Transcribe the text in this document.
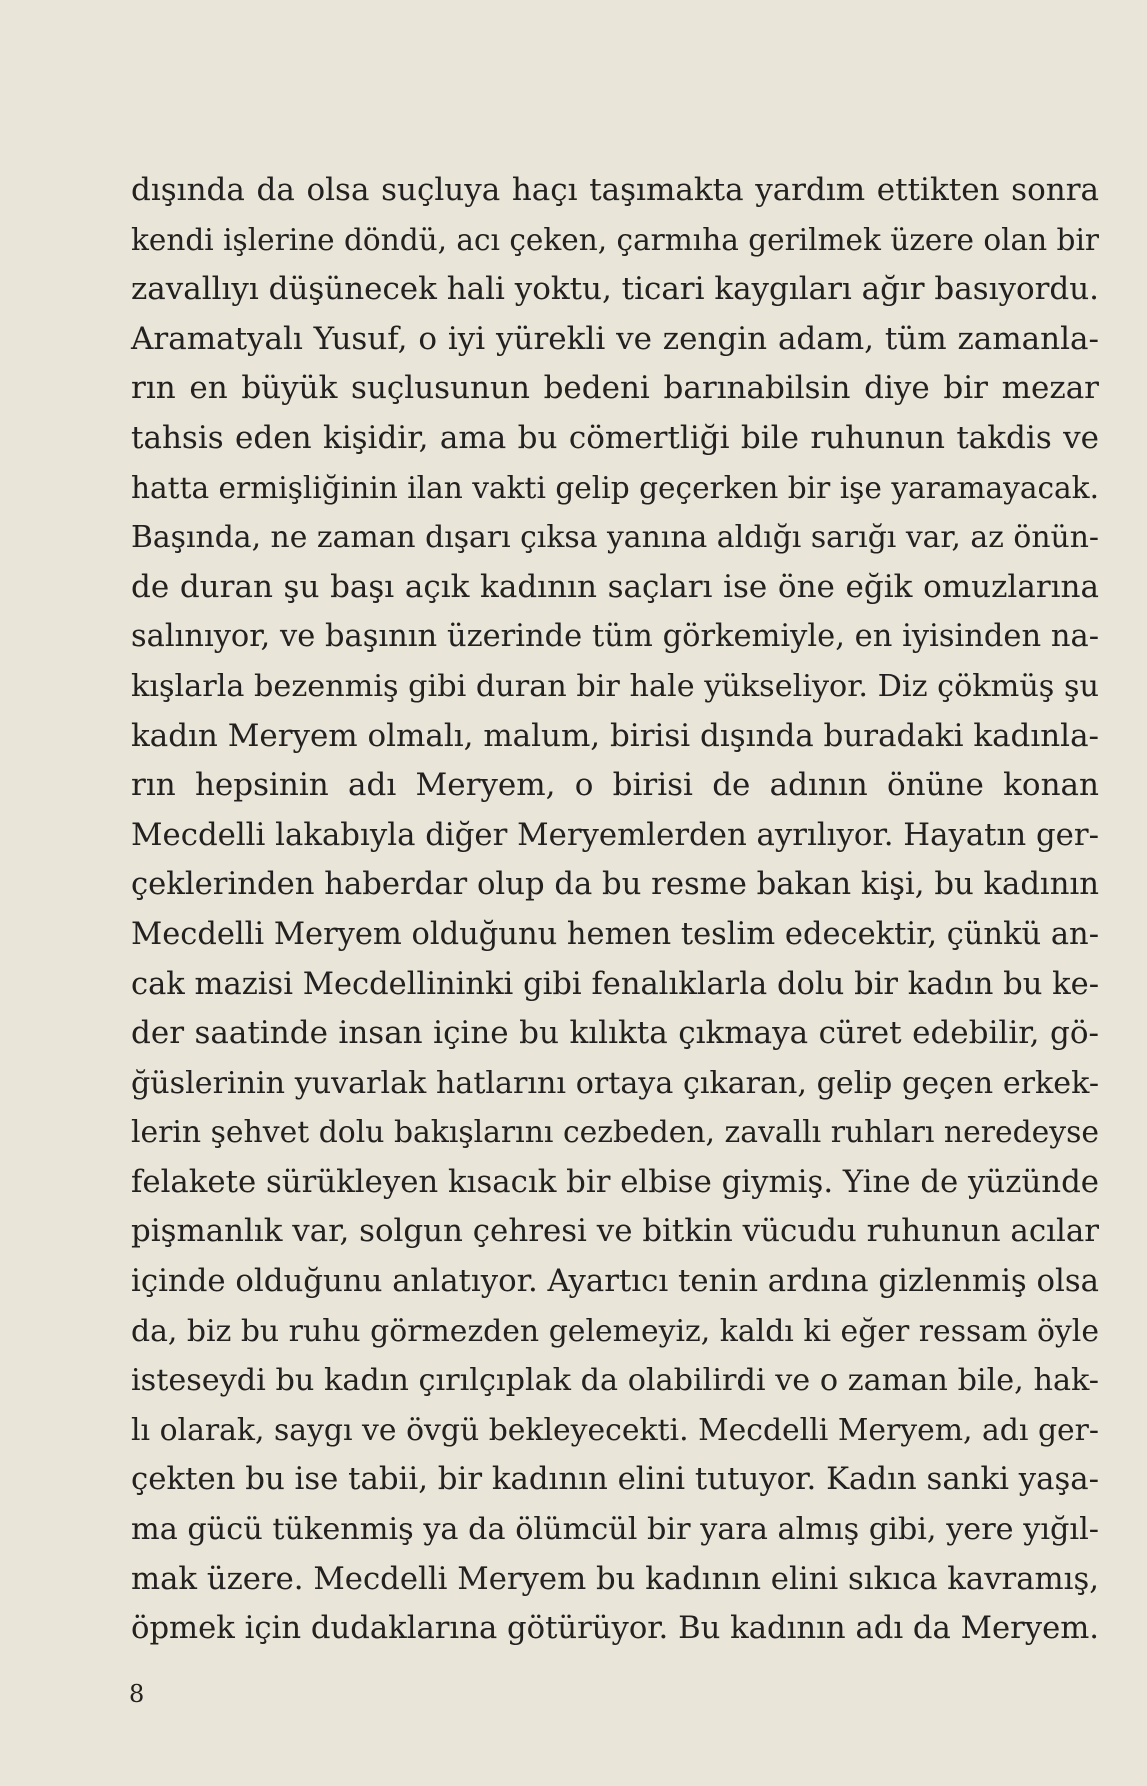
dışında da olsa suçluya haçı taşımakta yardım ettikten sonra
kendi işlerine döndü, acı çeken, çarmıha gerilmek üzere olan bir
zavallıyı düşünecek hali yoktu, ticari kaygıları ağır basıyordu.
Aramatyalı Yusuf, o iyi yürekli ve zengin adam, tüm zamanla-
rın en büyük suçlusunun bedeni barınabilsin diye bir mezar
tahsis eden kişidir, ama bu cömertliği bile ruhunun takdis ve
hatta ermişliğinin ilan vakti gelip geçerken bir işe yaramayacak.
Başında, ne zaman dışarı çıksa yanına aldığı sarığı var, az önün-
de duran şu başı açık kadının saçları ise öne eğik omuzlarına
salınıyor, ve başının üzerinde tüm görkemiyle, en iyisinden na-
kışlarla bezenmiş gibi duran bir hale yükseliyor. Diz çökmüş şu
kadın Meryem olmalı, malum, birisi dışında buradaki kadınla-
rın hepsinin adı Meryem, o birisi de adının önüne konan
Mecdelli lakabıyla diğer Meryemlerden ayrılıyor. Hayatın ger-
çeklerinden haberdar olup da bu resme bakan kişi, bu kadının
Mecdelli Meryem olduğunu hemen teslim edecektir, çünkü an-
cak mazisi Mecdellininki gibi fenalıklarla dolu bir kadın bu ke-
der saatinde insan içine bu kılıkta çıkmaya cüret edebilir, gö-
ğüslerinin yuvarlak hatlarını ortaya çıkaran, gelip geçen erkek-
lerin şehvet dolu bakışlarını cezbeden, zavallı ruhları neredeyse
felakete sürükleyen kısacık bir elbise giymiş. Yine de yüzünde
pişmanlık var, solgun çehresi ve bitkin vücudu ruhunun acılar
içinde olduğunu anlatıyor. Ayartıcı tenin ardına gizlenmiş olsa
da, biz bu ruhu görmezden gelemeyiz, kaldı ki eğer ressam öyle
isteseydi bu kadın çırılçıplak da olabilirdi ve o zaman bile, hak-
lı olarak, saygı ve övgü bekleyecekti. Mecdelli Meryem, adı ger-
çekten bu ise tabii, bir kadının elini tutuyor. Kadın sanki yaşa-
ma gücü tükenmiş ya da ölümcül bir yara almış gibi, yere yığıl-
mak üzere. Mecdelli Meryem bu kadının elini sıkıca kavramış,
öpmek için dudaklarına götürüyor. Bu kadının adı da Meryem.
8
